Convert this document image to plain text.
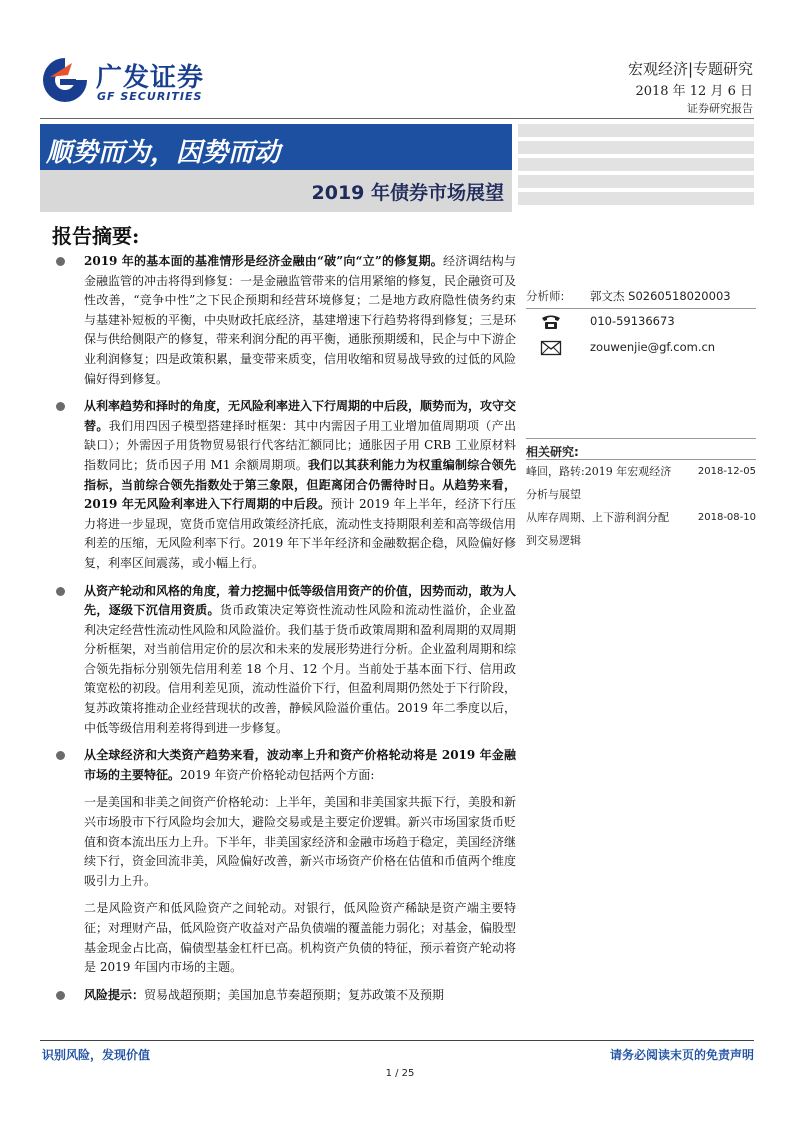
广发证券
GF SECURITIES
宏观经济|专题研究
2018 年 12 月 6 日
证券研究报告
顺势而为，因势而动
2019 年债券市场展望
报告摘要:

2019 年的基本面的基准情形是经济金融由“破”向“立”的修复期。经济调结构与金融监管的冲击将得到修复：一是金融监管带来的信用紧缩的修复，民企融资可及性改善，“竞争中性”之下民企预期和经营环境修复；二是地方政府隐性债务约束与基建补短板的平衡，中央财政托底经济，基建增速下行趋势将得到修复；三是环保与供给侧限产的修复，带来利润分配的再平衡，通胀预期缓和，民企与中下游企业利润修复；四是政策积累，量变带来质变，信用收缩和贸易战导致的过低的风险偏好得到修复。

从利率趋势和择时的角度，无风险利率进入下行周期的中后段，顺势而为，攻守交替。我们用四因子模型搭建择时框架：其中内需因子用工业增加值周期项（产出缺口）；外需因子用货物贸易银行代客结汇额同比；通胀因子用 CRB 工业原材料指数同比；货币因子用 M1 余额周期项。我们以其获利能力为权重编制综合领先指标，当前综合领先指数处于第三象限，但距离闭合仍需待时日。从趋势来看，2019 年无风险利率进入下行周期的中后段。预计 2019 年上半年，经济下行压力将进一步显现，宽货币宽信用政策经济托底，流动性支持期限利差和高等级信用利差的压缩，无风险利率下行。2019 年下半年经济和金融数据企稳，风险偏好修复，利率区间震荡，或小幅上行。

从资产轮动和风格的角度，着力挖掘中低等级信用资产的价值，因势而动，敢为人先，逐级下沉信用资质。货币政策决定筹资性流动性风险和流动性溢价，企业盈利决定经营性流动性风险和风险溢价。我们基于货币政策周期和盈利周期的双周期分析框架，对当前信用定价的层次和未来的发展形势进行分析。企业盈利周期和综合领先指标分别领先信用利差 18 个月、12 个月。当前处于基本面下行、信用政策宽松的初段。信用利差见顶，流动性溢价下行，但盈利周期仍然处于下行阶段，复苏政策将推动企业经营现状的改善，静候风险溢价重估。2019 年二季度以后，中低等级信用利差将得到进一步修复。

从全球经济和大类资产趋势来看，波动率上升和资产价格轮动将是 2019 年金融市场的主要特征。2019 年资产价格轮动包括两个方面:

一是美国和非美之间资产价格轮动：上半年，美国和非美国家共振下行，美股和新兴市场股市下行风险均会加大，避险交易或是主要定价逻辑。新兴市场国家货币贬值和资本流出压力上升。下半年，非美国家经济和金融市场趋于稳定，美国经济继续下行，资金回流非美，风险偏好改善，新兴市场资产价格在估值和币值两个维度吸引力上升。

二是风险资产和低风险资产之间轮动。对银行，低风险资产稀缺是资产端主要特征；对理财产品，低风险资产收益对产品负债端的覆盖能力弱化；对基金，偏股型基金现金占比高，偏债型基金杠杆已高。机构资产负债的特征，预示着资产轮动将是 2019 年国内市场的主题。

风险提示：贸易战超预期；美国加息节奏超预期；复苏政策不及预期

分析师: 郭文杰 S0260518020003
010-59136673
zouwenjie@gf.com.cn
相关研究:
峰回，路转:2019 年宏观经济
分析与展望
2018-12-05
从库存周期、上下游利润分配
到交易逻辑
2018-08-10
识别风险，发现价值	请务必阅读末页的免责声明
1 / 25
